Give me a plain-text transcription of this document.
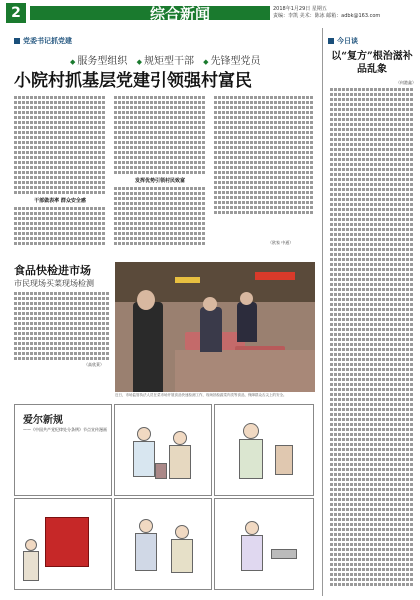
2	综合新闻	2018年1月29日 星期五
责编：李凯 美术：陈冰 邮箱：adbk@163.com
党委书记抓党建
◆ 服务型组织 ◆ 规矩型干部 ◆ 先锋型党员
小院村抓基层党建引领强村富民
干部做表率 群众安全感
发挥优势引领村民致富
（欧家 中通）
食品快检进市场
市民现场买菜现场检测
（高欣莱）
近日，市场监管执法人员在菜市场开展食品快速检测工作，现场抽检蔬菜肉类等食品，保障群众舌尖上的安全。
爱尔新规
——《中国共产党纪律处分条例》节点宣传漫画
今日谈
以“复方”根治滋补品乱象
（何港鑫）
